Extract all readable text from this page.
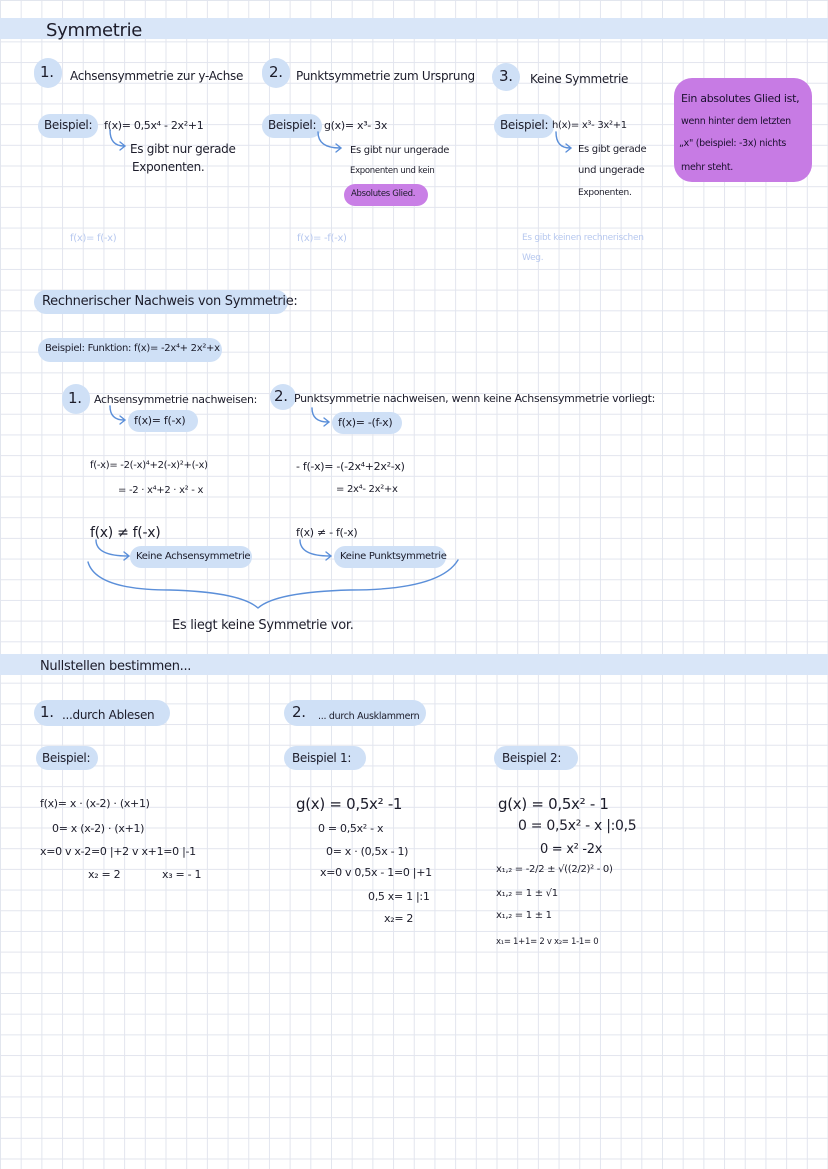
Symmetrie
1. Achsensymmetrie zur y-Achse
Beispiel: f(x)= 0,5x⁴ - 2x²+1
Es gibt nur gerade
Exponenten.
f(x)= f(-x)
2. Punktsymmetrie zum Ursprung
Beispiel: g(x)= x³- 3x
Es gibt nur ungerade
Exponenten und kein
Absolutes Glied.
f(x)= -f(-x)
3. Keine Symmetrie
Beispiel: h(x)= x³- 3x²+1
Es gibt gerade
und ungerade
Exponenten.
Es gibt keinen rechnerischen
Weg.
Ein absolutes Glied ist,
wenn hinter dem letzten
„x" (beispiel: -3x) nichts
mehr steht.
Rechnerischer Nachweis von Symmetrie:
Beispiel: Funktion: f(x)= -2x⁴+ 2x²+x
1. Achsensymmetrie nachweisen:
f(x)= f(-x)
f(-x)= -2(-x)⁴+2(-x)²+(-x)
= -2 · x⁴+2 · x² - x
f(x) ≠ f(-x)
Keine Achsensymmetrie
2. Punktsymmetrie nachweisen, wenn keine Achsensymmetrie vorliegt:
f(x)= -(f-x)
- f(-x)= -(-2x⁴+2x²-x)
= 2x⁴- 2x²+x
f(x) ≠ - f(-x)
Keine Punktsymmetrie
Es liegt keine Symmetrie vor.
Nullstellen bestimmen...
1. ...durch Ablesen
Beispiel:
f(x)= x · (x-2) · (x+1)
0= x (x-2) · (x+1)
x=0 v x-2=0 |+2 v x+1=0 |-1
x₂ = 2	x₃ = - 1
2. ... durch Ausklammern
Beispiel 1:
g(x) = 0,5x² -1
0 = 0,5x² - x
0= x · (0,5x - 1)
x=0 v 0,5x - 1=0 |+1
0,5 x= 1 |:1
x₂= 2
Beispiel 2:
g(x) = 0,5x² - 1
0 = 0,5x² - x |:0,5
0 = x² -2x
x₁,₂ = -2/2 ± √((2/2)² - 0)
x₁,₂ = 1 ± √1
x₁,₂ = 1 ± 1
x₁= 1+1= 2 v x₂= 1-1= 0
